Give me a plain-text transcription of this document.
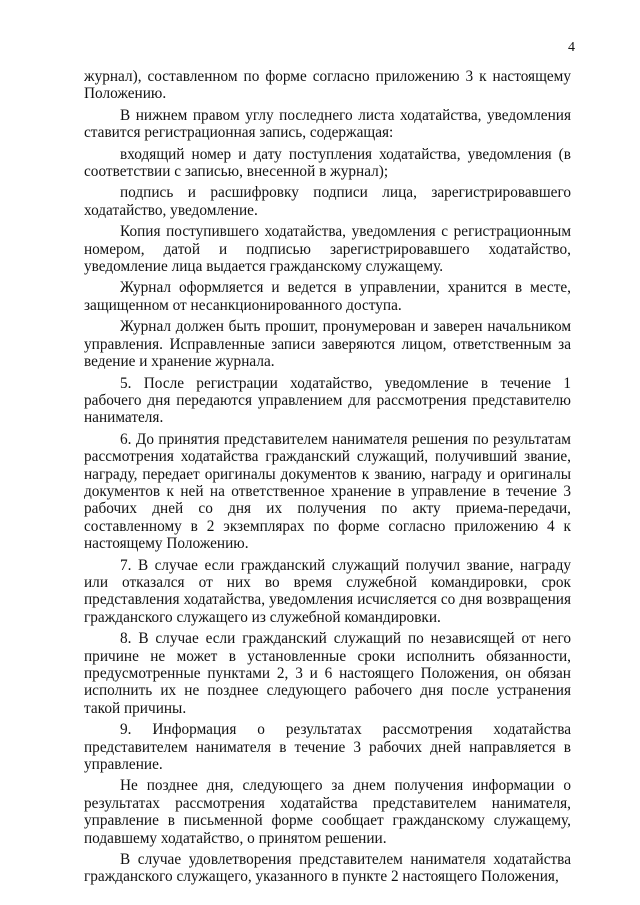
4

журнал), составленном по форме согласно приложению 3 к настоящему Положению.

В нижнем правом углу последнего листа ходатайства, уведомления ставится регистрационная запись, содержащая:

входящий номер и дату поступления ходатайства, уведомления (в соответствии с записью, внесенной в журнал);

подпись и расшифровку подписи лица, зарегистрировавшего ходатайство, уведомление.

Копия поступившего ходатайства, уведомления с регистрационным номером, датой и подписью зарегистрировавшего ходатайство, уведомление лица выдается гражданскому служащему.

Журнал оформляется и ведется в управлении, хранится в месте, защищенном от несанкционированного доступа.

Журнал должен быть прошит, пронумерован и заверен начальником управления. Исправленные записи заверяются лицом, ответственным за ведение и хранение журнала.

5. После регистрации ходатайство, уведомление в течение 1 рабочего дня передаются управлением для рассмотрения представителю нанимателя.

6. До принятия представителем нанимателя решения по результатам рассмотрения ходатайства гражданский служащий, получивший звание, награду, передает оригиналы документов к званию, награду и оригиналы документов к ней на ответственное хранение в управление в течение 3 рабочих дней со дня их получения по акту приема-передачи, составленному в 2 экземплярах по форме согласно приложению 4 к настоящему Положению.

7. В случае если гражданский служащий получил звание, награду или отказался от них во время служебной командировки, срок представления ходатайства, уведомления исчисляется со дня возвращения гражданского служащего из служебной командировки.

8. В случае если гражданский служащий по независящей от него причине не может в установленные сроки исполнить обязанности, предусмотренные пунктами 2, 3 и 6 настоящего Положения, он обязан исполнить их не позднее следующего рабочего дня после устранения такой причины.

9. Информация о результатах рассмотрения ходатайства представителем нанимателя в течение 3 рабочих дней направляется в управление.

Не позднее дня, следующего за днем получения информации о результатах рассмотрения ходатайства представителем нанимателя, управление в письменной форме сообщает гражданскому служащему, подавшему ходатайство, о принятом решении.

В случае удовлетворения представителем нанимателя ходатайства гражданского служащего, указанного в пункте 2 настоящего Положения,
